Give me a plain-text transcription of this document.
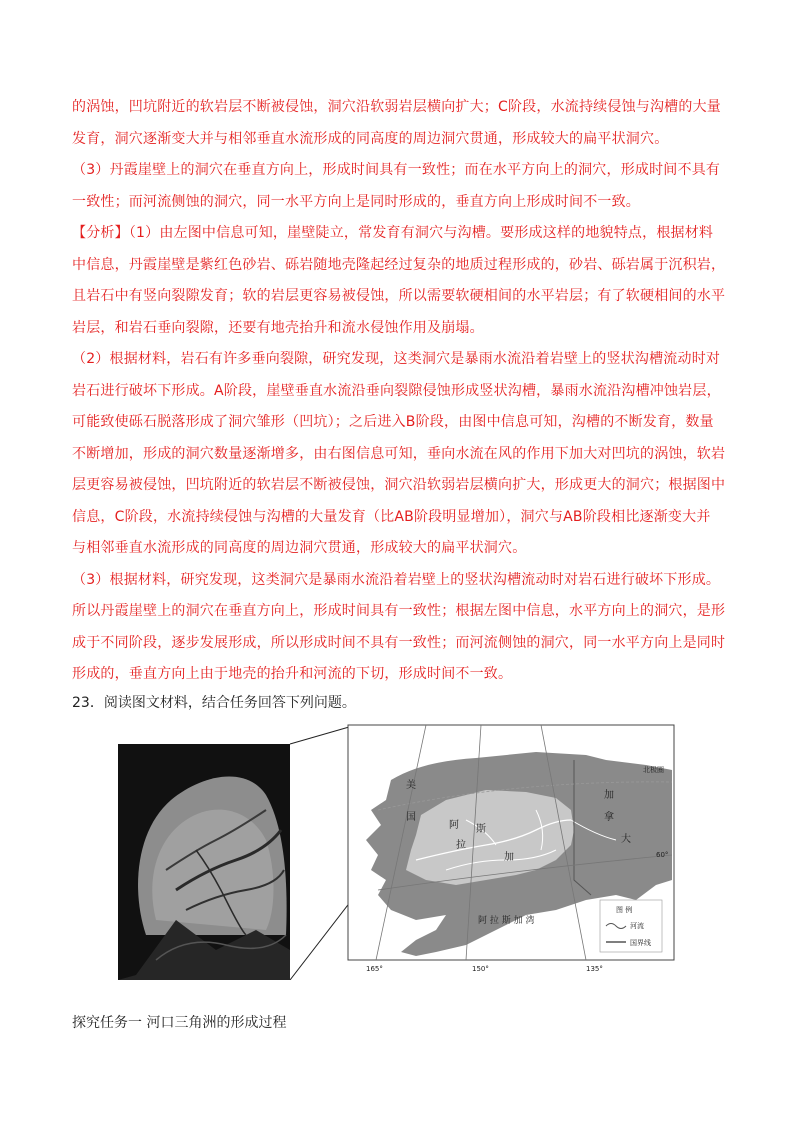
的涡蚀，凹坑附近的软岩层不断被侵蚀，洞穴沿软弱岩层横向扩大；C阶段，水流持续侵蚀与沟槽的大量

发育，洞穴逐渐变大并与相邻垂直水流形成的同高度的周边洞穴贯通，形成较大的扁平状洞穴。

（3）丹霞崖壁上的洞穴在垂直方向上，形成时间具有一致性；而在水平方向上的洞穴，形成时间不具有

一致性；而河流侧蚀的洞穴，同一水平方向上是同时形成的，垂直方向上形成时间不一致。

【分析】（1）由左图中信息可知，崖壁陡立，常发育有洞穴与沟槽。要形成这样的地貌特点，根据材料

中信息，丹霞崖壁是紫红色砂岩、砾岩随地壳隆起经过复杂的地质过程形成的，砂岩、砾岩属于沉积岩，

且岩石中有竖向裂隙发育；软的岩层更容易被侵蚀，所以需要软硬相间的水平岩层；有了软硬相间的水平

岩层，和岩石垂向裂隙，还要有地壳抬升和流水侵蚀作用及崩塌。

（2）根据材料，岩石有许多垂向裂隙，研究发现，这类洞穴是暴雨水流沿着岩壁上的竖状沟槽流动时对

岩石进行破坏下形成。A阶段，崖壁垂直水流沿垂向裂隙侵蚀形成竖状沟槽，暴雨水流沿沟槽冲蚀岩层，

可能致使砾石脱落形成了洞穴雏形（凹坑）；之后进入B阶段，由图中信息可知，沟槽的不断发育，数量

不断增加，形成的洞穴数量逐渐增多，由右图信息可知，垂向水流在风的作用下加大对凹坑的涡蚀，软岩

层更容易被侵蚀，凹坑附近的软岩层不断被侵蚀，洞穴沿软弱岩层横向扩大，形成更大的洞穴；根据图中

信息，C阶段，水流持续侵蚀与沟槽的大量发育（比AB阶段明显增加），洞穴与AB阶段相比逐渐变大并

与相邻垂直水流形成的同高度的周边洞穴贯通，形成较大的扁平状洞穴。

（3）根据材料，研究发现，这类洞穴是暴雨水流沿着岩壁上的竖状沟槽流动时对岩石进行破坏下形成。

所以丹霞崖壁上的洞穴在垂直方向上，形成时间具有一致性；根据左图中信息，水平方向上的洞穴，是形

成于不同阶段，逐步发展形成，所以形成时间不具有一致性；而河流侧蚀的洞穴，同一水平方向上是同时

形成的，垂直方向上由于地壳的抬升和河流的下切，形成时间不一致。

23．阅读图文材料，结合任务回答下列问题。
美
国
阿
拉
斯
加
加
拿
大
北极圈
60°
阿 拉 斯 加 湾
165°	150°	135°
图 例
河流
国界线
探究任务一 河口三角洲的形成过程
